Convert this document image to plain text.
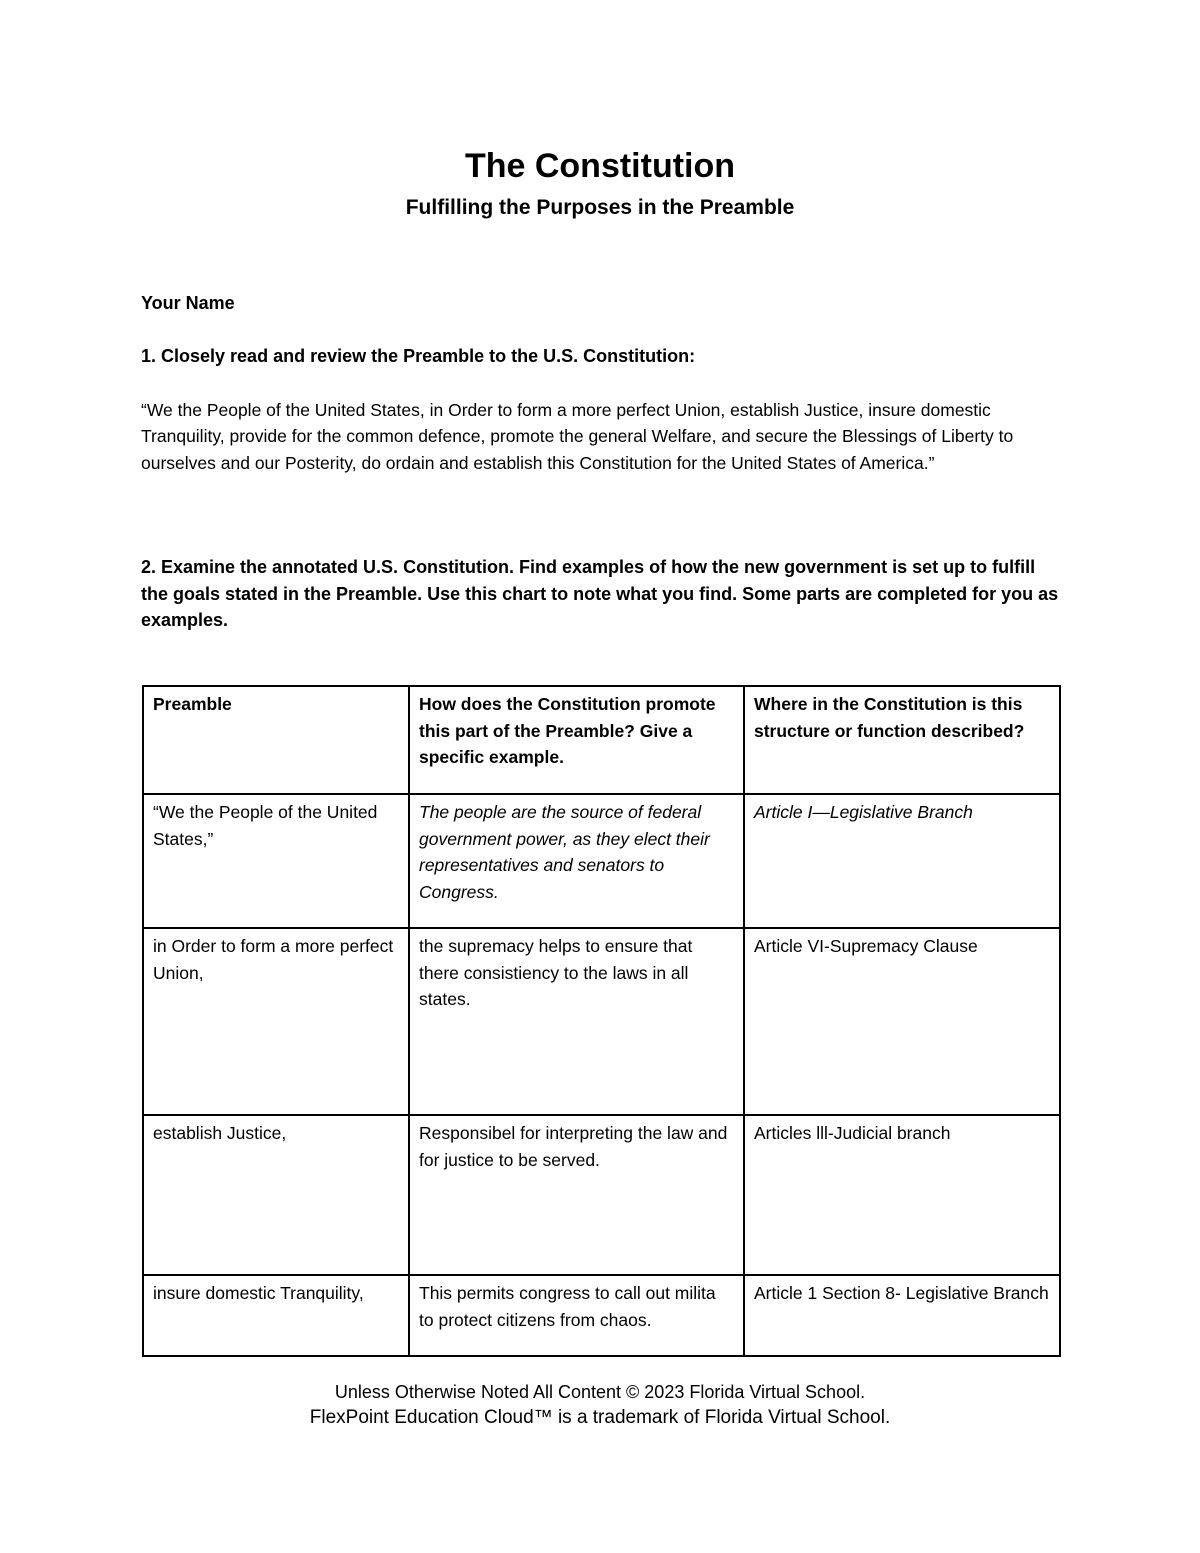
The Constitution
Fulfilling the Purposes in the Preamble
Your Name
1. Closely read and review the Preamble to the U.S. Constitution:
“We the People of the United States, in Order to form a more perfect Union, establish Justice, insure domestic Tranquility, provide for the common defence, promote the general Welfare, and secure the Blessings of Liberty to ourselves and our Posterity, do ordain and establish this Constitution for the United States of America.”
2. Examine the annotated U.S. Constitution. Find examples of how the new government is set up to fulfill the goals stated in the Preamble. Use this chart to note what you find. Some parts are completed for you as examples.
Preamble	How does the Constitution promote this part of the Preamble? Give a specific example.	Where in the Constitution is this structure or function described?
“We the People of the United States,”	The people are the source of federal government power, as they elect their representatives and senators to Congress.	Article I—Legislative Branch
in Order to form a more perfect Union,	the supremacy helps to ensure that there consistiency to the laws in all states.	Article VI-Supremacy Clause
establish Justice,	Responsibel for interpreting the law and for justice to be served.	Articles lll-Judicial branch
insure domestic Tranquility,	This permits congress to call out milita to protect citizens from chaos.	Article 1 Section 8- Legislative Branch
Unless Otherwise Noted All Content © 2023 Florida Virtual School.
FlexPoint Education Cloud™ is a trademark of Florida Virtual School.
